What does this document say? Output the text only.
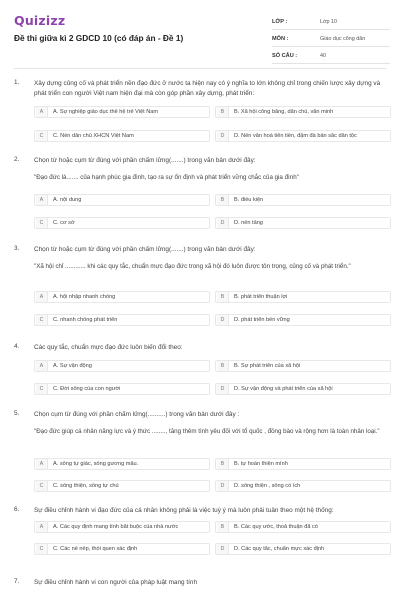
Quizizz
Đề thi giữa kì 2 GDCD 10 (có đáp án - Đề 1)
LỚP :	Lớp 10
MÔN :	Giáo dục công dân
SỐ CÂU :	40
1. Xây dựng củng cố và phát triển nền đạo đức ở nước ta hiện nay có ý nghĩa to lớn không chỉ trong chiến lược xây dựng và phát triển con người Việt nam hiện đại mà còn góp phần xây dựng, phát triển:
A	A. Sự nghiệp giáo dục thế hệ trẻ Việt Nam	B	B. Xã hội công bằng, dân chủ, văn minh
C	C. Nền dân chủ XHCN Việt Nam	D	D. Nền văn hoá tiên tiến, đậm đà bản sắc dân tộc
2. Chọn từ hoặc cụm từ đúng với phần chấm lửng(.......) trong văn bản dưới đây:
"Đạo đức là....... của hạnh phúc gia đình, tạo ra sự ổn định và phát triển vững chắc của gia đình"
A	A. nội dung	B	B. điều kiện
C	C. cơ sở	D	D. nền tảng
3. Chọn từ hoặc cụm từ đúng với phần chấm lửng(.......) trong văn bản dưới đây:
"Xã hội chỉ ............ khi các quy tắc, chuẩn mực đạo đức trong xã hội đó luôn được tôn trọng, củng cố và phát triển."
A	A. hội nhập nhanh chóng	B	B. phát triển thuận lợi
C	C. nhanh chóng phát triển	D	D. phát triển bền vững
4. Các quy tắc, chuẩn mực đạo đức luôn biến đổi theo:
A	A. Sự vận động	B	B. Sự phát triển của xã hội
C	C. Đời sống của con người	D	D. Sự vận động và phát triển của xã hội
5. Chọn cụm từ đúng với phần chấm lửng(..........) trong văn bản dưới đây :
"Đạo đức giúp cá nhân năng lực và ý thức ........, tăng thêm tình yêu đối với tổ quốc , đồng bào và rộng hơn là toàn nhân loại."
A	A. sống tự giác, sống gương mẫu.	B	B. tự hoàn thiện mình
C	C. sống thiện, sống tự chủ	D	D. sống thiện , sống có ích
6. Sự điều chỉnh hành vi đạo đức của cá nhân không phải là việc tuỳ ý mà luôn phải tuân theo một hệ thống:
A	A. Các quy định mang tính bắt buộc của nhà nước	B	B. Các quy ước, thoả thuận đã có
C	C. Các nề nếp, thói quen xác định	D	D. Các quy tắc, chuẩn mực xác định
7. Sự điều chỉnh hành vi con người của pháp luật mang tính
